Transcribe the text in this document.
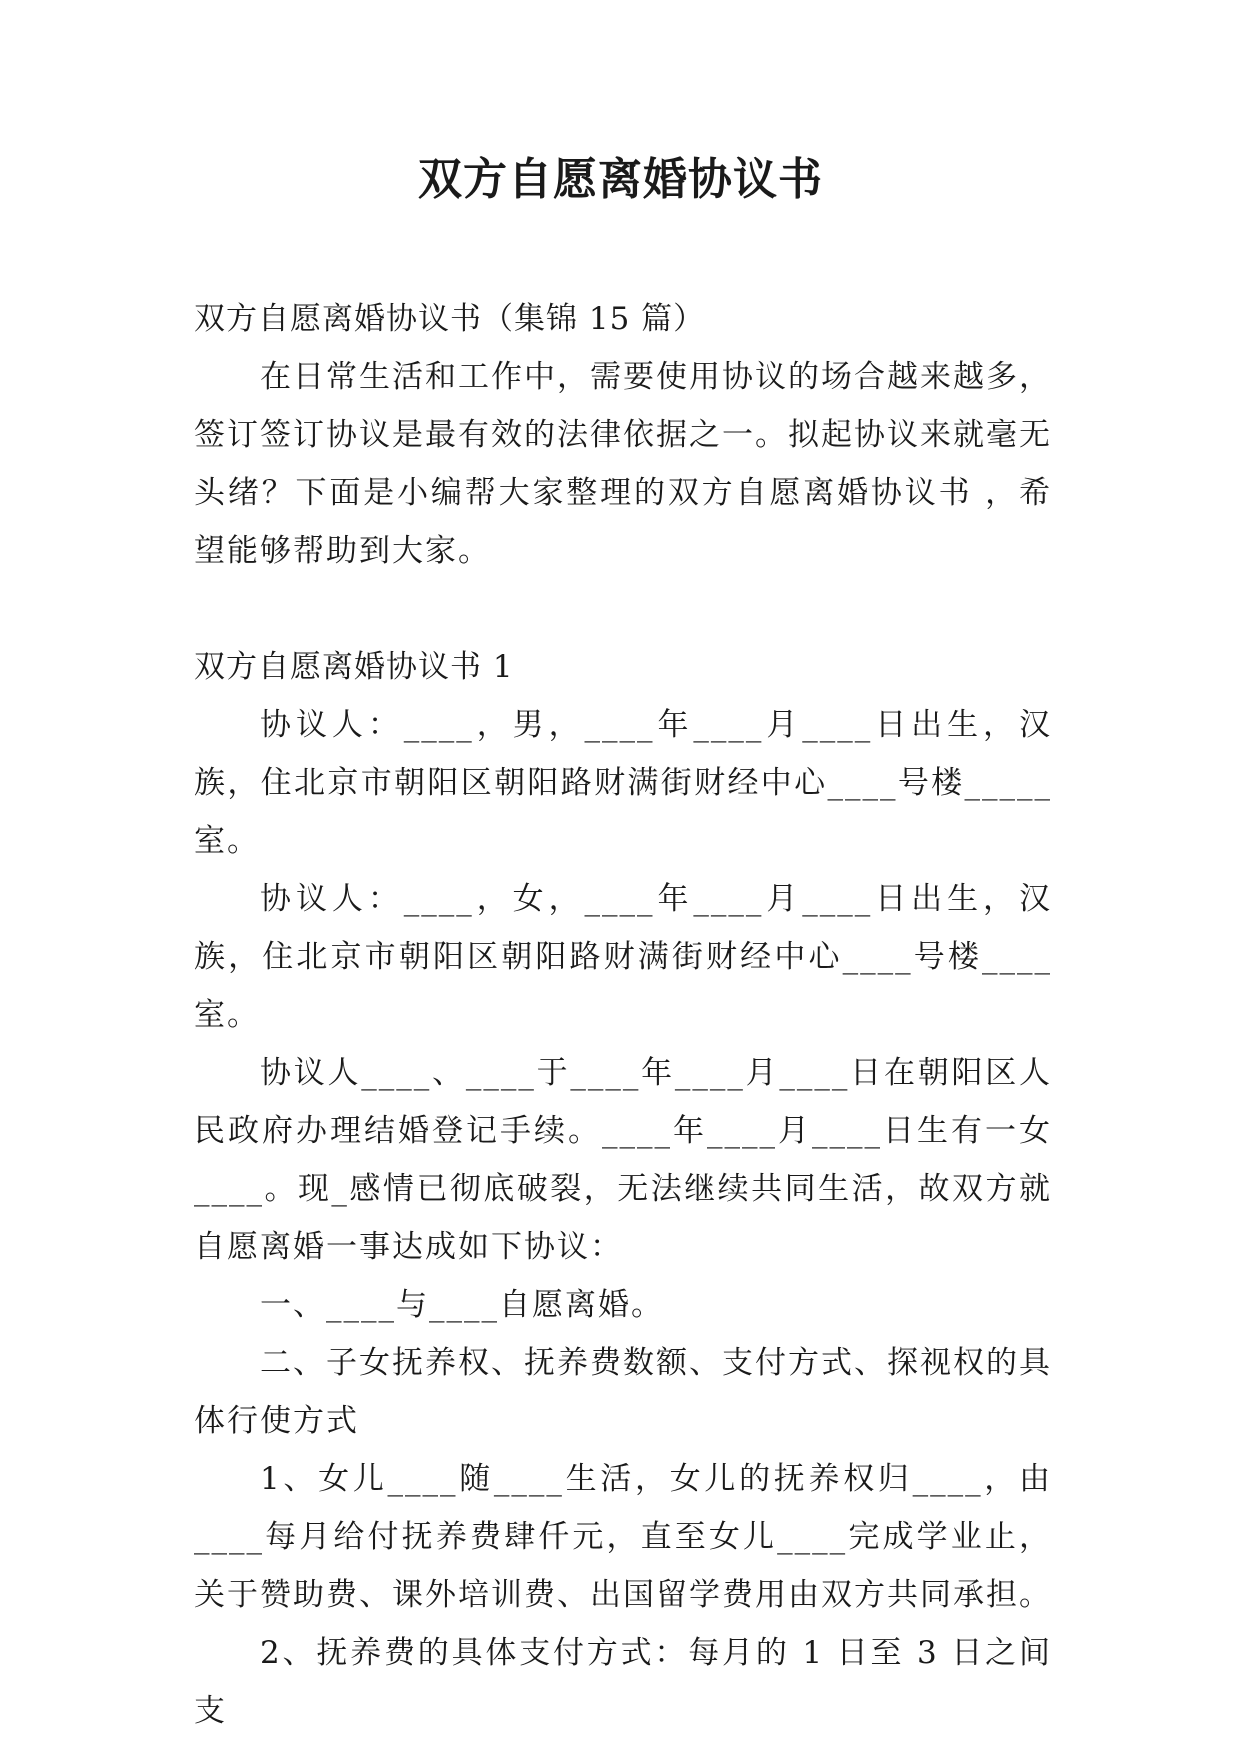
双方自愿离婚协议书

双方自愿离婚协议书（集锦 15 篇）

在日常生活和工作中，需要使用协议的场合越来越多，签订签订协议是最有效的法律依据之一。拟起协议来就毫无头绪？下面是小编帮大家整理的双方自愿离婚协议书 ，希望能够帮助到大家。

双方自愿离婚协议书 1

协议人：____，男，____年____月____日出生，汉族，住北京市朝阳区朝阳路财满街财经中心____号楼_____室。

协议人：____，女，____年____月____日出生，汉族，住北京市朝阳区朝阳路财满街财经中心____号楼____室。

协议人____、____于____年____月____日在朝阳区人民政府办理结婚登记手续。____年____月____日生有一女____。现_感情已彻底破裂，无法继续共同生活，故双方就自愿离婚一事达成如下协议：

一、____与____自愿离婚。

二、子女抚养权、抚养费数额、支付方式、探视权的具体行使方式

1、女儿____随____生活，女儿的抚养权归____，由____每月给付抚养费肆仟元，直至女儿____完成学业止，关于赞助费、课外培训费、出国留学费用由双方共同承担。

2、抚养费的具体支付方式：每月的 1 日至 3 日之间支
